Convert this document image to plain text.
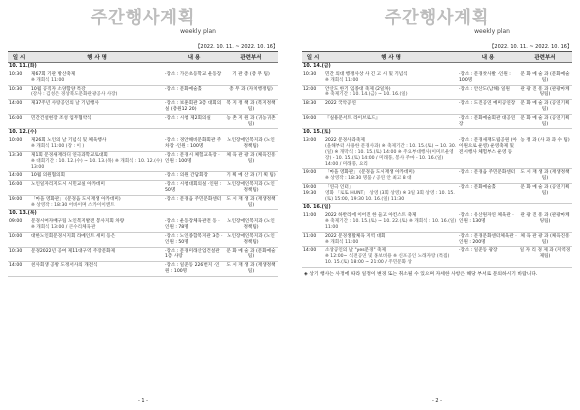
주간행사계획
weekly plan
【2022. 10. 11. ~ 2022. 10. 16】
일 시	행 사 명	내 용	관련부서
10. 11.(화)			
10:30	제67회 기관 방산축제
※ 개회식 11:00	·장소 : 가온초등학교 운동장	기 관 총 (총 무 팀)
10:30	10월 공직자 소양함양 특강
(강사 : 김성은 경상북도문화관광공사 사장)	·장소 : 문화예술홀	총 무 과 (자치행정팀)
14:00	제37주년 사랑공인의 날 기념행사	·장소 : 보훈회관 3층 대회의실 (총원12 20)	복 지 정 책 과 (복지정책팀)
16:00	민간건설현장 조성 업무협약식	·장소 : 시청 제2회의실	농 촌 지 원 과 (귀농귀촌팀)
10. 12.(수)			
10:00	제26회 노인의 날 기념식 및 체육행사
※ 개회식 11:00 (장 : 이 )	·장소 : 경안해비문화회관 주차장 ·인원 : 100명	노인장애인복지과 (노인정책팀)
13:30	제1회 문경새재라디 연극과학교토대회
※ 대회기간 : 10. 12.(수) ~ 10. 13.(목) ※ 개회식 : 10. 12.(수) 13:00	·장소 : 문경시 체험교육장 ·인원 : 100명	체 육 관 광 과 (체육진흥팀)
14:00	10월 의원협의회	·장소 : 의원 간담회장	기 획 예 산 과 (기 획 팀)
16:00	노인일자리지도시 시민교실 아카데미	·장소 : 시청대회의실 ·인원 : 50명	노인장애인복지과 (노인정책팀)
19:00	「마을 영화관」 (문경읍 도시재생 아카데미)
※ 상영작 : 18:30 어바이며 스카이이앤트	·장소 : 문경읍 주민문화센터	도 시 재 생 과 (재생정책팀)
10. 13.(목)			
09:00	문경시여자배구팀 노인복지발전 봉사지회 차량
※ 개회식 13:00 / 큰수리체육관	·장소 : 운동장체육관전 동 ·인원 : 78명	노인장애인복지과 (노인정책팀)
10:00	대한노인회문경시지회 라메인트 세미 등은	·장소 : 노인종합복지관 3층 ·인원 : 50명	노인장애인복지과 (노인정책팀)
10:30	문경2022년 공여 제11대구역 주장문화제	·장소 : 문경미래산업건설관 1층 사랑	문 화 예 술 과 (문화예술팀)
14:00	친사회생 공방 도정서사의 개전식	·장소 : 일준동 226번지 ·인원 : 100명	도 시 재 생 과 (재생정책팀)
- 1 -
주간행사계획
weekly plan
【2022. 10. 11. ~ 2022. 10. 16】
일 시	행 사 명	내 용	관련부서
10. 14.(금)			
10:30	민간 의대 행정사상 사 긴 고 시 및 기념식
※ 개회식 11:00	·장소 : 문경찻사발 ·인원 : 100명	문 화 예 술 과 (문화예술팀)
12:00	안산도 한기 임종대 축제 (2일차)
※ 축제기간 : 10. 14.(금) ~ 10. 16.(일)	·장소 : 안산도(남해) 일원	관 광 진 흥 과 (관광마케팅팀)
18:30	2022 국악공연	·장소 : 도진공연 예미공연장	문 화 예 술 과 (공연기획팀)
19:00	『실용문서트 라이브로드』	·장소 : 문화예술회관 대공연장	문 화 예 술 과 (공연기획팀)
10. 15.(토)			
13:00	2022 문경사과축제
(올해부터 사용한 문경사과) ※ 축제기간 : 10. 15.(토) ~ 10. 30.(일) ※ 개막식 : 10. 15.(토) 14:00 ※ 주요부대행사(이미르운영장) - 10. 15.(토) 14:00 / 미래풍, 봉사 주마 - 10. 16.(일) 14:00 / 미래풍, 요리	·장소 : 문경새재도립공원 (아이원으로 운영) 운영축제 및 전시행사 체험부스 운영 등	농 정 과 (사 과 과 수 팀)
19:00	「마을 영화관」 (문경읍 도시재생 아카데미)
※ 상영작 : 18:30 명품 / 공연 안 최고 8 대	·장소 : 문경읍 주민문화센터	도 시 재 생 과 (재생정책팀)
19:00 19:30	「연극 인터」
영화 「로또 HUNT」 상영 (3회 상영) ※ 3일 3회 상영 : 10. 15.(토) 15:00, 19:30 10. 16.(일) 11:30	·장소 : 문화예술홀	문 화 예 술 과 (공연기획팀)
10. 16.(일)			
11:00	2022 하반리에 이어진 한 들고 아킨스트 축제
※ 축제기간 : 10. 15.(토) ~ 10. 22.(토) ※ 개회식 : 10. 16.(일) 11:00	·장소 : 유산원자연 체육관 ·인원 : 130명	관 광 진 흥 과 (관광마케팅팀)
11:00	2022 문경생활체육 지역 대회
※ 개회식 11:00	·장소 : 문경문화센터체육관 ·인원 : 200명	체 육 관 광 과 (체육진흥팀)
14:00	소상공인의 날 "yes문경" 축제
※ 12:00~ 식전공연 및 홍보비용 ※ 신포공인 노래자랑 (특집) 10. 15.(토) 18:00 ~ 21:00 / 주민문화 상	·장소 : 일준동 광장	일 자 리 경 제 과 (지역경제팀)
◈ 상기 행사는 사정에 따라 일정이 변경 또는 취소될 수 있으며 자세한 사항은 해당 부서로 문의하시기 바랍니다.
- 2 -
